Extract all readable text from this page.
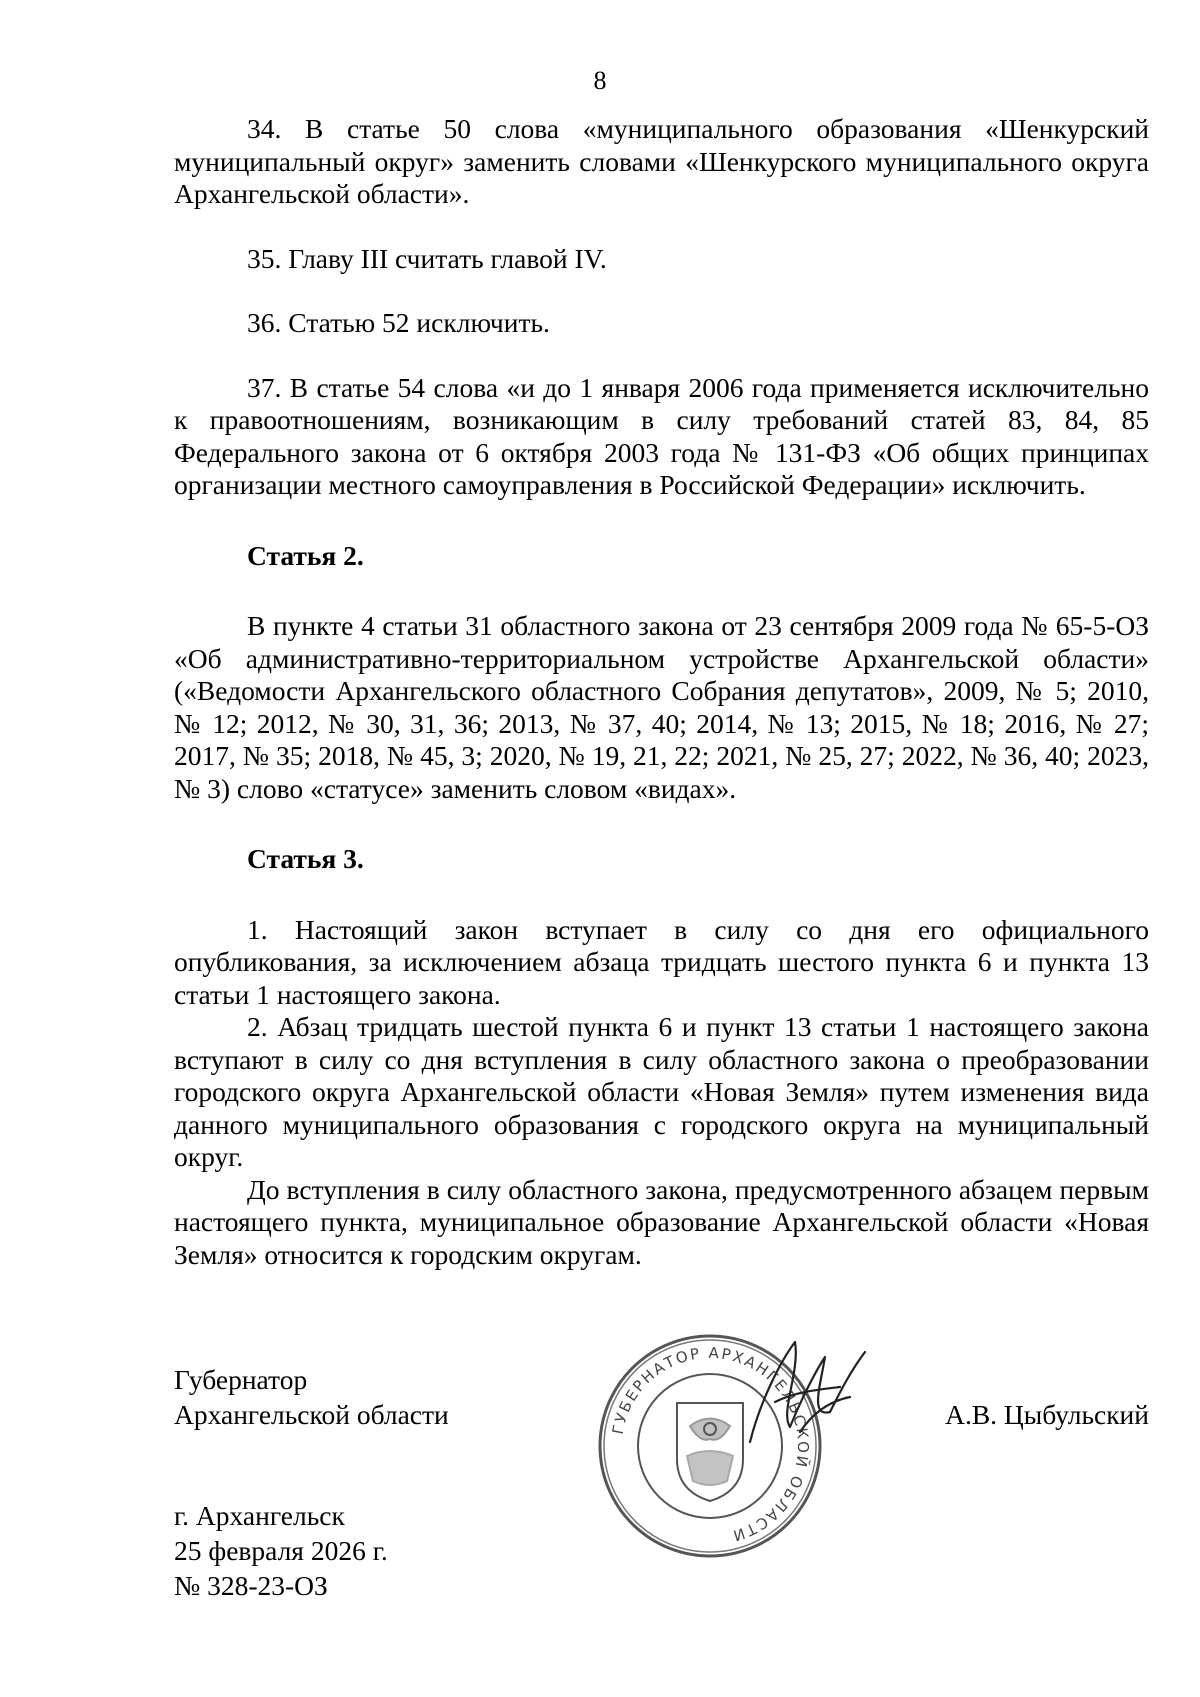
8

34. В статье 50 слова «муниципального образования «Шенкурский муниципальный округ» заменить словами «Шенкурского муниципального округа Архангельской области».

35. Главу III считать главой IV.

36. Статью 52 исключить.

37. В статье 54 слова «и до 1 января 2006 года применяется исключительно к правоотношениям, возникающим в силу требований статей 83, 84, 85 Федерального закона от 6 октября 2003 года № 131-ФЗ «Об общих принципах организации местного самоуправления в Российской Федерации» исключить.

Статья 2.

В пункте 4 статьи 31 областного закона от 23 сентября 2009 года № 65-5-ОЗ «Об административно-территориальном устройстве Архангельской области» («Ведомости Архангельского областного Собрания депутатов», 2009, № 5; 2010, № 12; 2012, № 30, 31, 36; 2013, № 37, 40; 2014, № 13; 2015, № 18; 2016, № 27; 2017, № 35; 2018, № 45, 3; 2020, № 19, 21, 22; 2021, № 25, 27; 2022, № 36, 40; 2023, № 3) слово «статусе» заменить словом «видах».

Статья 3.

1. Настоящий закон вступает в силу со дня его официального опубликования, за исключением абзаца тридцать шестого пункта 6 и пункта 13 статьи 1 настоящего закона.

2. Абзац тридцать шестой пункта 6 и пункт 13 статьи 1 настоящего закона вступают в силу со дня вступления в силу областного закона о преобразовании городского округа Архангельской области «Новая Земля» путем изменения вида данного муниципального образования с городского округа на муниципальный округ.

До вступления в силу областного закона, предусмотренного абзацем первым настоящего пункта, муниципальное образование Архангельской области «Новая Земля» относится к городским округам.

Губернатор
Архангельской области	А.В. Цыбульский
г. Архангельск
25 февраля 2026 г.
№ 328-23-ОЗ
ГУБЕРНАТОР АРХАНГЕЛЬСКОЙ ОБЛАСТИ
